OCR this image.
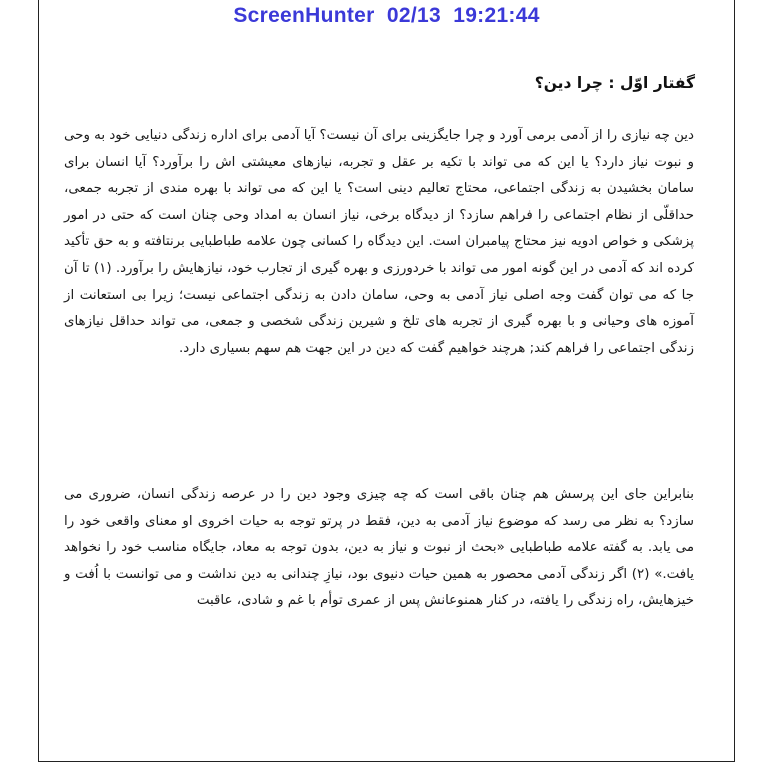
ScreenHunter  02/13  19:21:44
گفتار اوّل : چرا دین؟

دین چه نیازی را از آدمی برمی آورد و چرا جایگزینی برای آن نیست؟ آیا آدمی برای اداره زندگی دنیایی خود به وحی و نبوت نیاز دارد؟ یا این که می تواند با تکیه بر عقل و تجربه، نیازهای معیشتی اش را برآورد؟ آیا انسان برای سامان بخشیدن به زندگی اجتماعی، محتاج تعالیم دینی است؟ یا این که می تواند با بهره مندی از تجربه جمعی، حداقلّی از نظام اجتماعی را فراهم سازد؟ از دیدگاه برخی، نیاز انسان به امداد وحی چنان است که حتی در امور پزشکی و خواص ادویه نیز محتاج پیامبران است. این دیدگاه را کسانی چون علامه طباطبایی برنتافته و به حق تأکید کرده اند که آدمی در این گونه امور می تواند با خردورزی و بهره گیری از تجارب خود، نیازهایش را برآورد. (۱) تا آن جا که می توان گفت وجه اصلی نیاز آدمی به وحی، سامان دادن به زندگی اجتماعی نیست؛ زیرا بی استعانت از آموزه های وحیانی و با بهره گیری از تجربه های تلخ و شیرین زندگی شخصی و جمعی، می تواند حداقل نیازهای زندگی اجتماعی را فراهم کند; هرچند خواهیم گفت که دین در این جهت هم سهم بسیاری دارد.

بنابراین جای این پرسش هم چنان باقی است که چه چیزی وجود دین را در عرصه زندگی انسان، ضروری می سازد؟ به نظر می رسد که موضوع نیاز آدمی به دین، فقط در پرتو توجه به حیات اخروی او معنای واقعی خود را می یابد. به گفته علامه طباطبایی «بحث از نبوت و نیاز به دین، بدون توجه به معاد، جایگاه مناسب خود را نخواهد یافت.» (۲) اگر زندگی آدمی محصور به همین حیات دنیوی بود، نیازِ چندانی به دین نداشت و می توانست با اُفت و خیزهایش، راه زندگی را یافته، در کنار همنوعانش پس از عمری توأم با غم و شادی، عاقبت
